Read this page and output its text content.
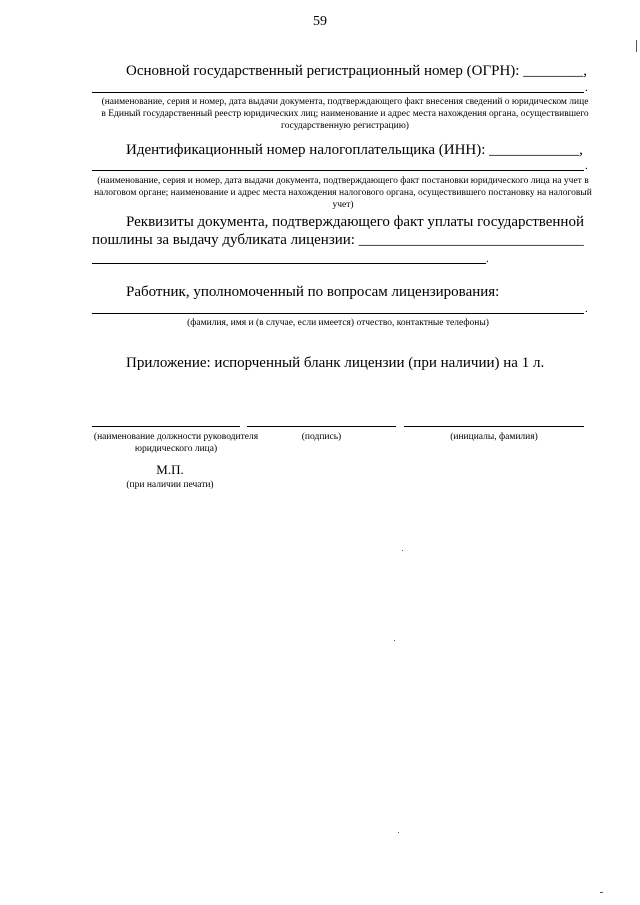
59
Основной государственный регистрационный номер (ОГРН): ________,
.
(наименование, серия и номер, дата выдачи документа, подтверждающего факт внесения сведений о юридическом лице в Единый государственный реестр юридических лиц; наименование и адрес места нахождения органа, осуществившего государственную регистрацию)
Идентификационный номер налогоплательщика (ИНН): ____________,
.
(наименование, серия и номер, дата выдачи документа, подтверждающего факт постановки юридического лица на учет в налоговом органе; наименование и адрес места нахождения налогового органа, осуществившего постановку на налоговый учет)
Реквизиты документа, подтверждающего факт уплаты государственной
пошлины за выдачу дубликата лицензии: ______________________________
.
Работник, уполномоченный по вопросам лицензирования:
.
(фамилия, имя и (в случае, если имеется) отчество, контактные телефоны)
Приложение: испорченный бланк лицензии (при наличии) на 1 л.
(наименование должности руководителя юридического лица)
(подпись)	(инициалы, фамилия)
М.П.
(при наличии печати)
